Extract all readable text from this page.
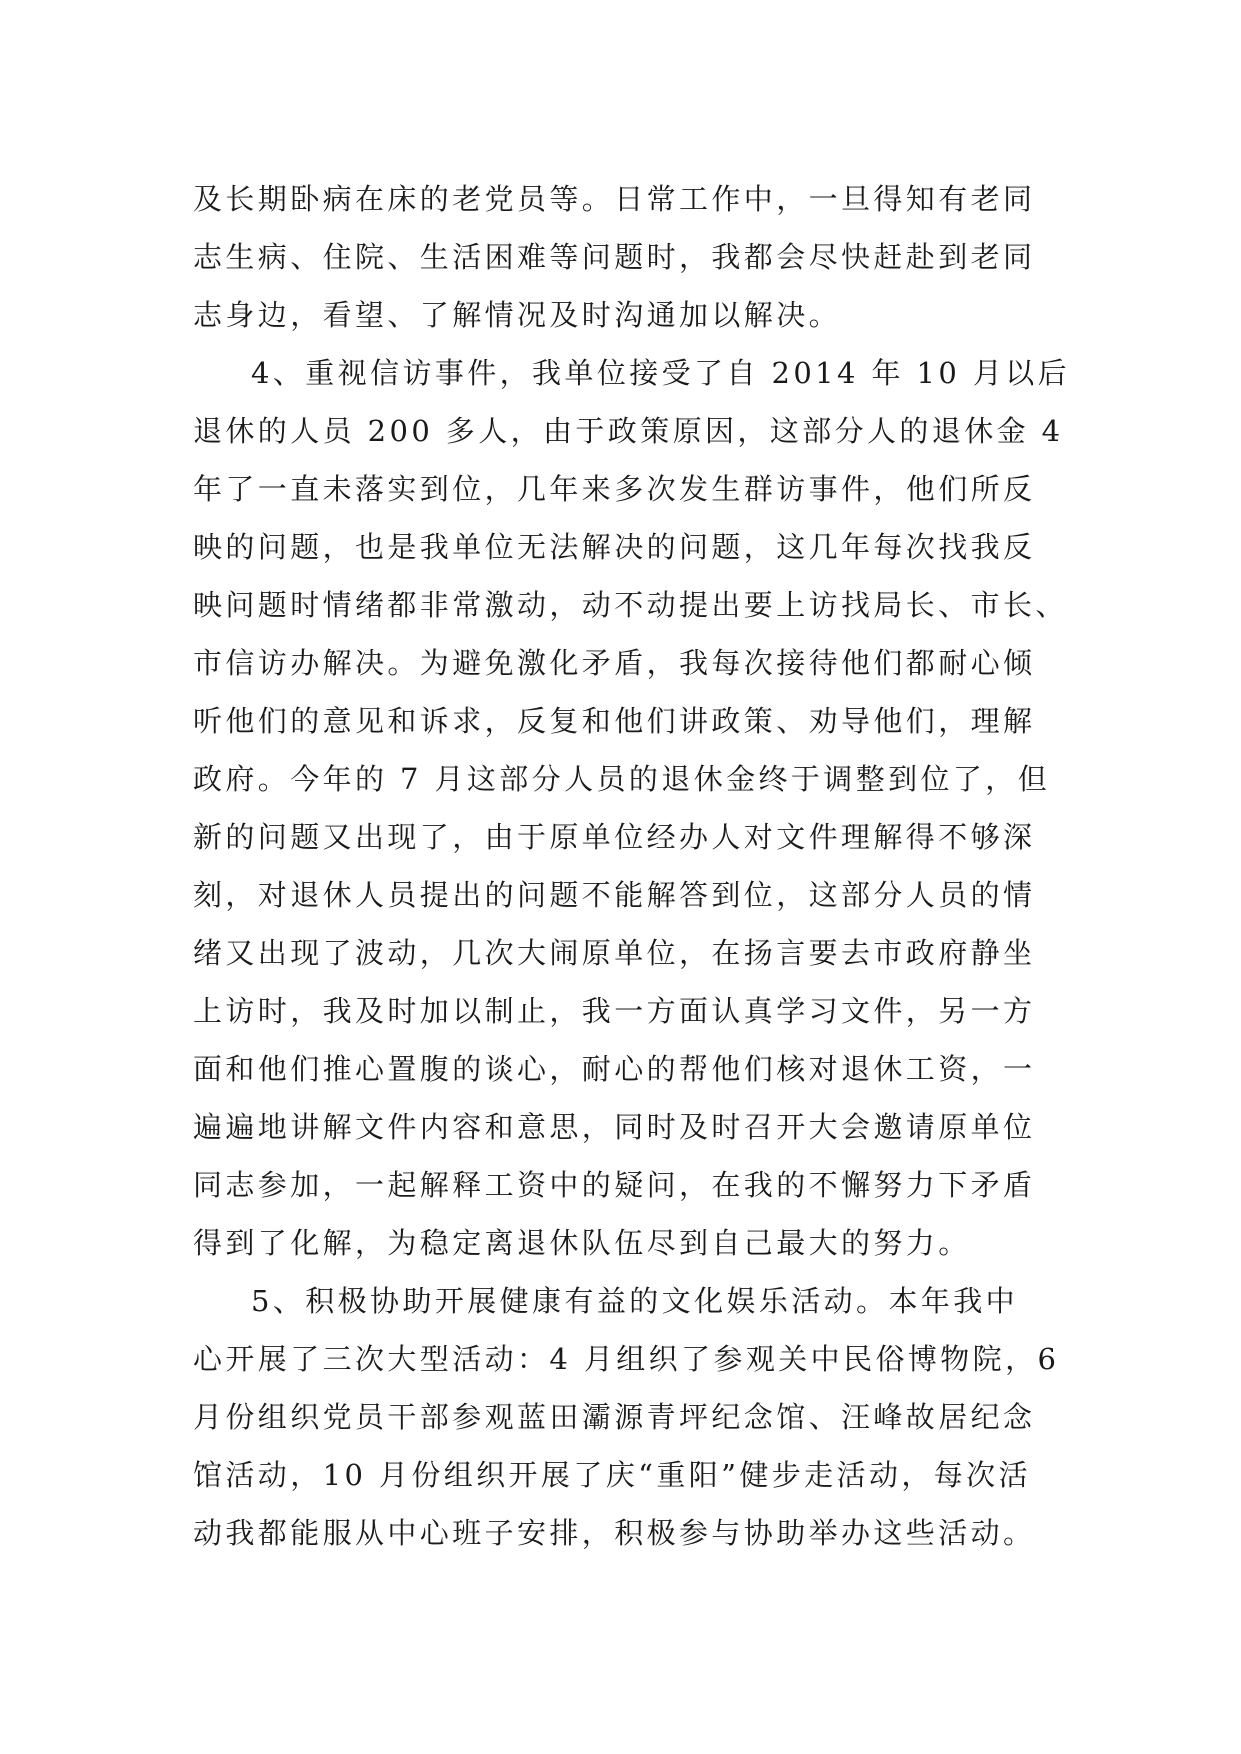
及长期卧病在床的老党员等。日常工作中，一旦得知有老同
志生病、住院、生活困难等问题时，我都会尽快赶赴到老同
志身边，看望、了解情况及时沟通加以解决。
4、重视信访事件，我单位接受了自 2014 年 10 月以后
退休的人员 200 多人，由于政策原因，这部分人的退休金 4
年了一直未落实到位，几年来多次发生群访事件，他们所反
映的问题，也是我单位无法解决的问题，这几年每次找我反
映问题时情绪都非常激动，动不动提出要上访找局长、市长、
市信访办解决。为避免激化矛盾，我每次接待他们都耐心倾
听他们的意见和诉求，反复和他们讲政策、劝导他们，理解
政府。今年的 7 月这部分人员的退休金终于调整到位了，但
新的问题又出现了，由于原单位经办人对文件理解得不够深
刻，对退休人员提出的问题不能解答到位，这部分人员的情
绪又出现了波动，几次大闹原单位，在扬言要去市政府静坐
上访时，我及时加以制止，我一方面认真学习文件，另一方
面和他们推心置腹的谈心，耐心的帮他们核对退休工资，一
遍遍地讲解文件内容和意思，同时及时召开大会邀请原单位
同志参加，一起解释工资中的疑问，在我的不懈努力下矛盾
得到了化解，为稳定离退休队伍尽到自己最大的努力。
5、积极协助开展健康有益的文化娱乐活动。本年我中
心开展了三次大型活动：4 月组织了参观关中民俗博物院，6
月份组织党员干部参观蓝田灞源青坪纪念馆、汪峰故居纪念
馆活动，10 月份组织开展了庆“重阳”健步走活动，每次活
动我都能服从中心班子安排，积极参与协助举办这些活动。
